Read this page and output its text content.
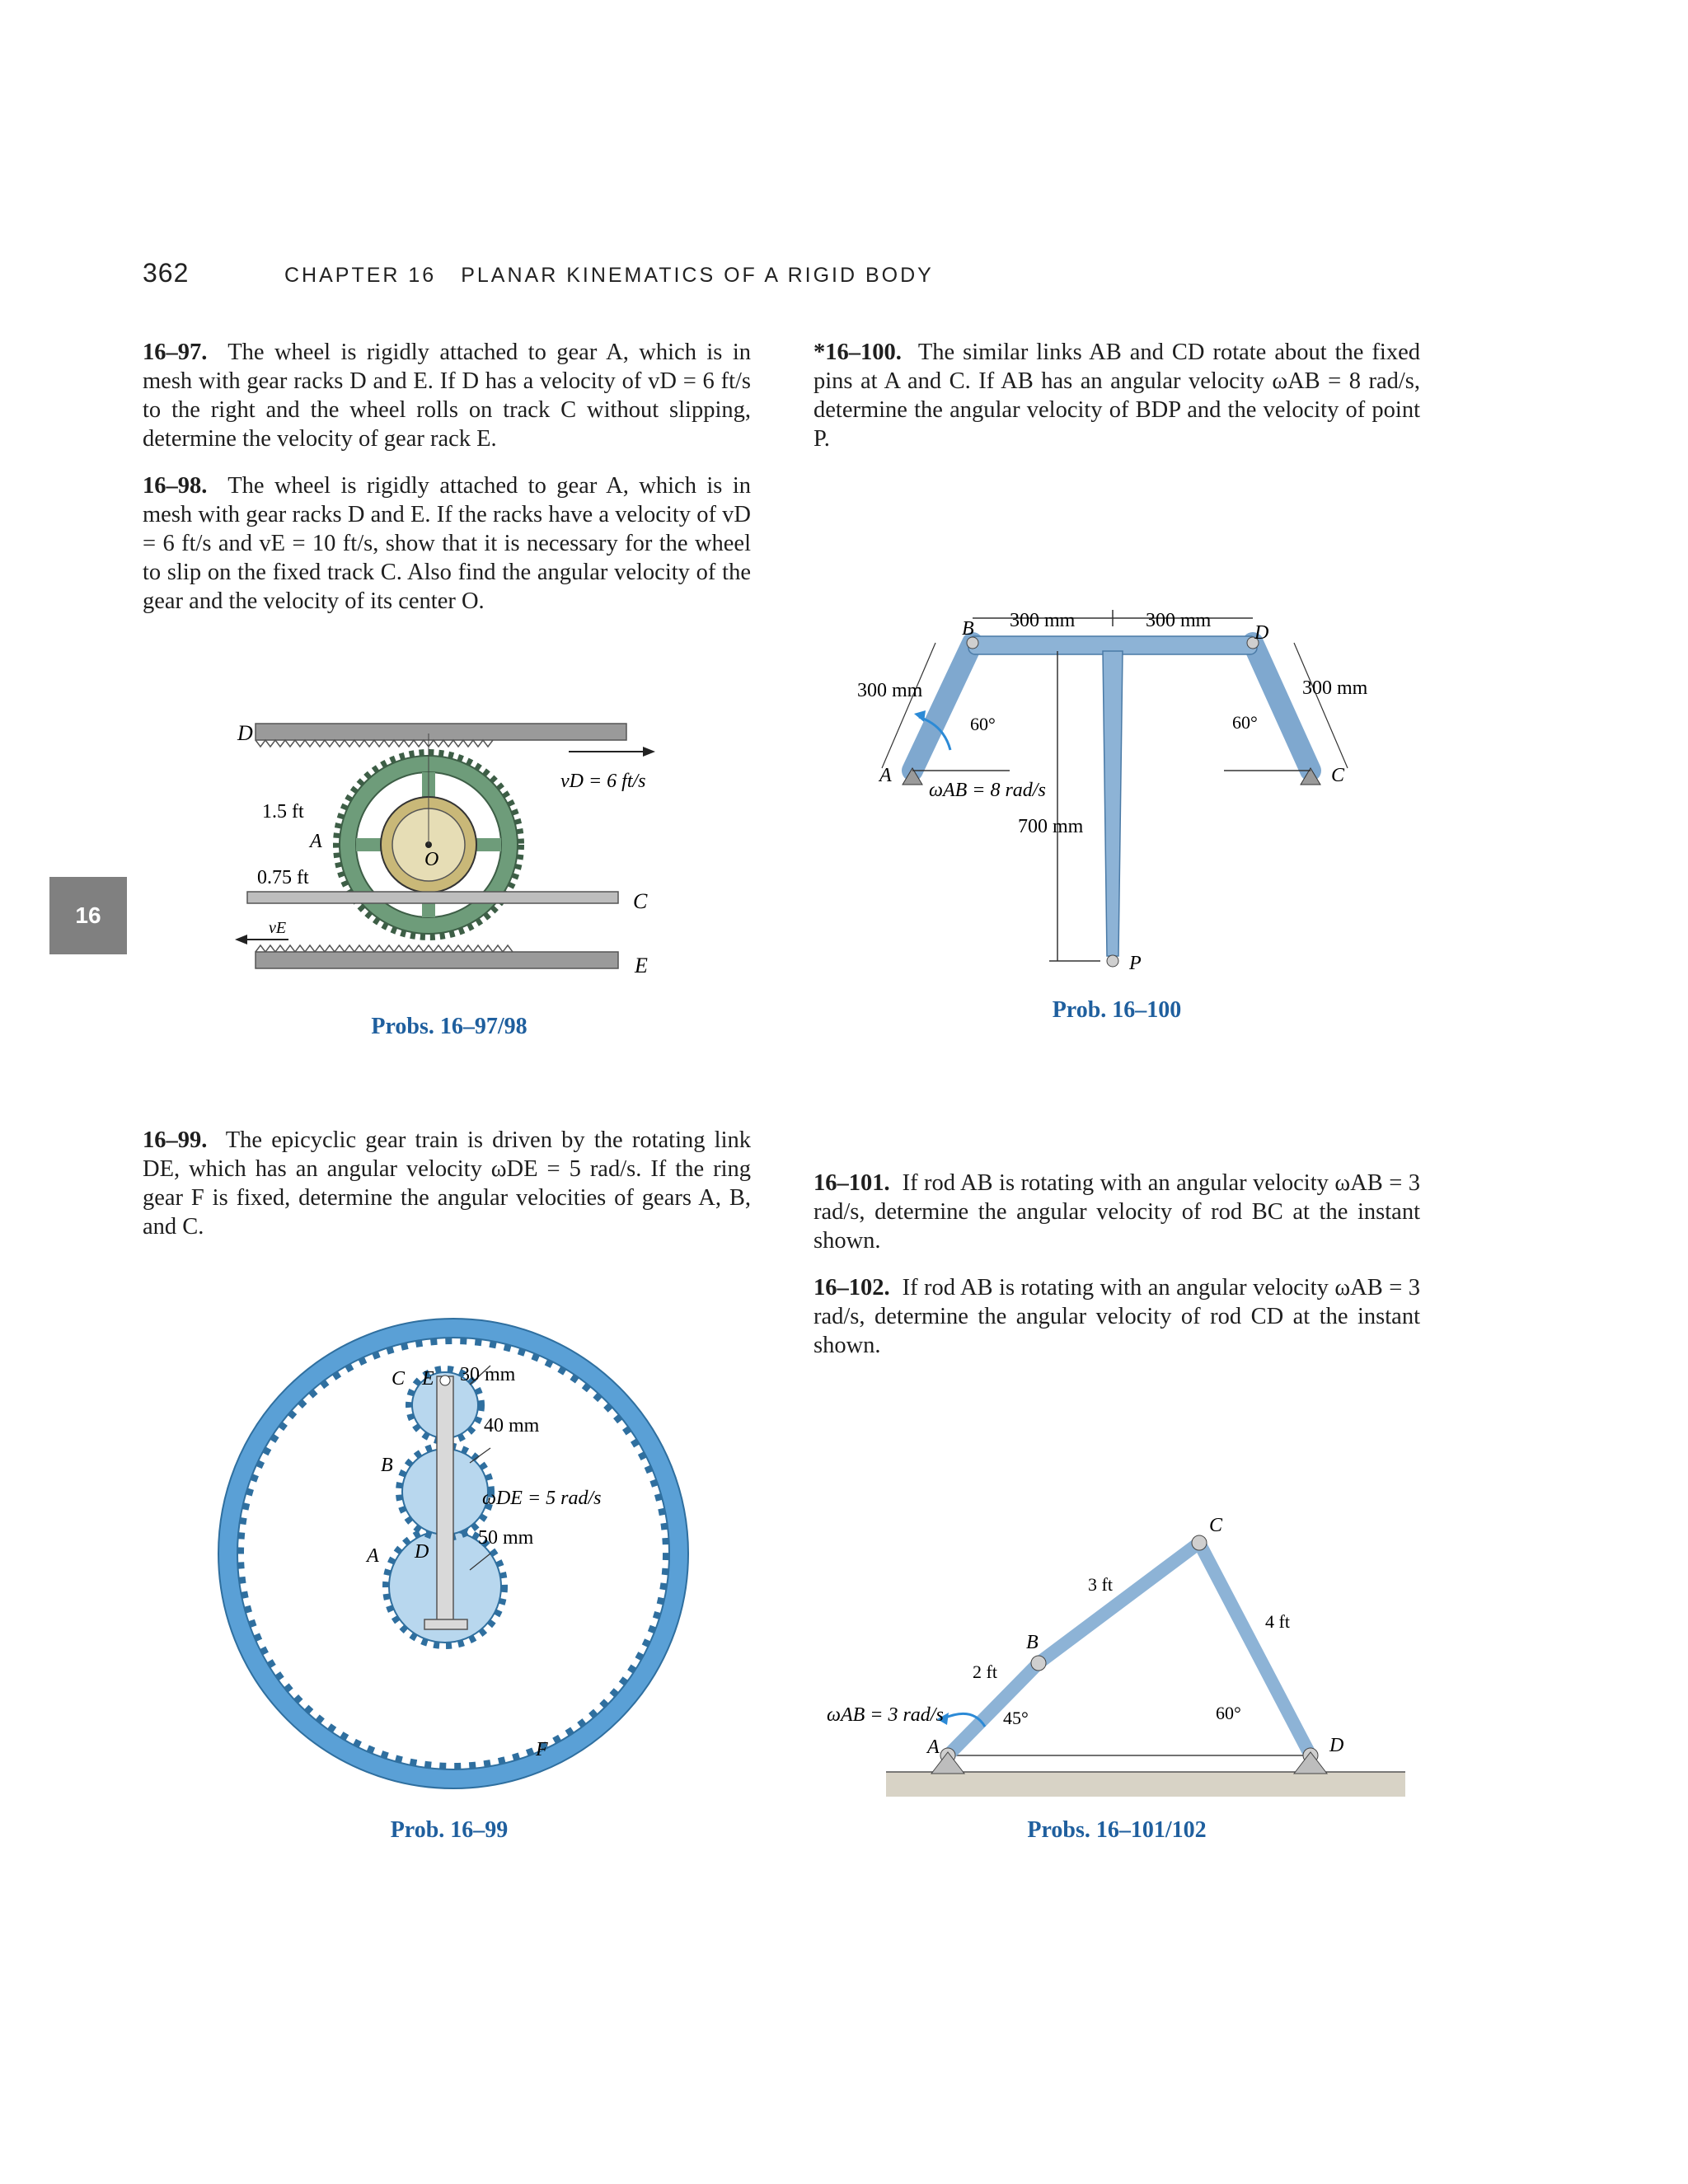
362	CHAPTER 16 PLANAR KINEMATICS OF A RIGID BODY
16
16–97. The wheel is rigidly attached to gear A, which is in mesh with gear racks D and E. If D has a velocity of vD = 6 ft/s to the right and the wheel rolls on track C without slipping, determine the velocity of gear rack E.
16–98. The wheel is rigidly attached to gear A, which is in mesh with gear racks D and E. If the racks have a velocity of vD = 6 ft/s and vE = 10 ft/s, show that it is necessary for the wheel to slip on the fixed track C. Also find the angular velocity of the gear and the velocity of its center O.
16–99. The epicyclic gear train is driven by the rotating link DE, which has an angular velocity ωDE = 5 rad/s. If the ring gear F is fixed, determine the angular velocities of gears A, B, and C.
*16–100. The similar links AB and CD rotate about the fixed pins at A and C. If AB has an angular velocity ωAB = 8 rad/s, determine the angular velocity of BDP and the velocity of point P.
16–101. If rod AB is rotating with an angular velocity ωAB = 3 rad/s, determine the angular velocity of rod BC at the instant shown.
16–102. If rod AB is rotating with an angular velocity ωAB = 3 rad/s, determine the angular velocity of rod CD at the instant shown.
D
E
C
A
O
vD = 6 ft/s
vE
1.5 ft
0.75 ft
Probs. 16–97/98
B	D
A	C
P
300 mm	300 mm
300 mm	300 mm
700 mm
60°	60°
ωAB = 8 rad/s
Prob. 16–100
C E
B
A D
F
30 mm
40 mm
50 mm
ωDE = 5 rad/s
Prob. 16–99
A
B
C
D
2 ft
3 ft
4 ft
45°	60°
ωAB = 3 rad/s
Probs. 16–101/102
